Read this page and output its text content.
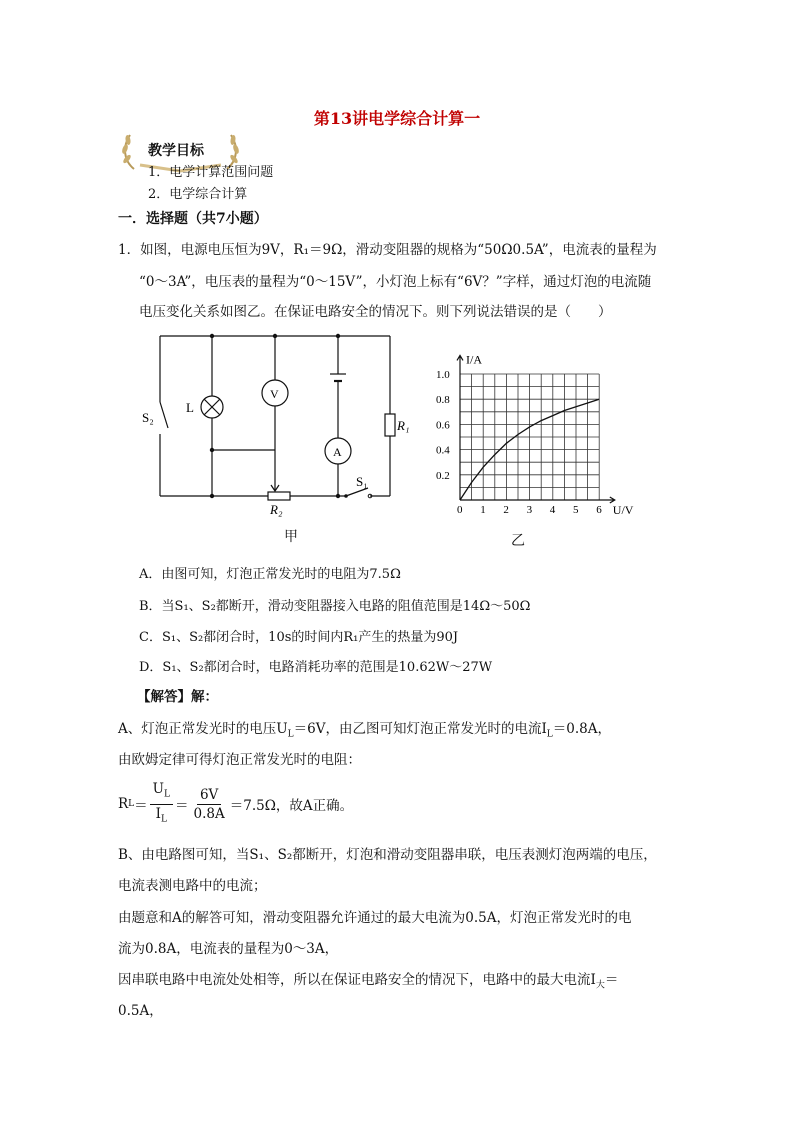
第13讲电学综合计算一
教学目标
1．电学计算范围问题
2．电学综合计算
一．选择题（共7小题）
1．如图，电源电压恒为9V，R₁＝9Ω，滑动变阻器的规格为“50Ω0.5A”，电流表的量程为
“0～3A”，电压表的量程为“0～15V”，小灯泡上标有“6V？”字样，通过灯泡的电流随
电压变化关系如图乙。在保证电路安全的情况下。则下列说法错误的是（　　）
S₂
L
V
A
R₁
S₁
R₂
甲
0 1 2 3 4 5 6
0.2
0.4
0.6
0.8
1.0
I/A
U/V
乙
A．由图可知，灯泡正常发光时的电阻为7.5Ω
B．当S₁、S₂都断开，滑动变阻器接入电路的阻值范围是14Ω～50Ω
C．S₁、S₂都闭合时，10s的时间内R₁产生的热量为90J
D．S₁、S₂都闭合时，电路消耗功率的范围是10.62W～27W
【解答】解：
A、灯泡正常发光时的电压$U_L=6V$，由乙图可知灯泡正常发光时的电流$I_L=0.8A$，
由欧姆定律可得灯泡正常发光时的电阻：
R $L = \frac{U_L}{I_L} = \frac{6V}{0.8A} =7.5\Omega$，故A正确。
B、由电路图可知，当S₁、S₂都断开，灯泡和滑动变阻器串联，电压表测灯泡两端的电压，
电流表测电路中的电流；
由题意和A的解答可知，滑动变阻器允许通过的最大电流为0.5A，灯泡正常发光时的电
流为0.8A，电流表的量程为0～3A，
因串联电路中电流处处相等，所以在保证电路安全的情况下，电路中的最大电流$I_大=$
0.5A，
